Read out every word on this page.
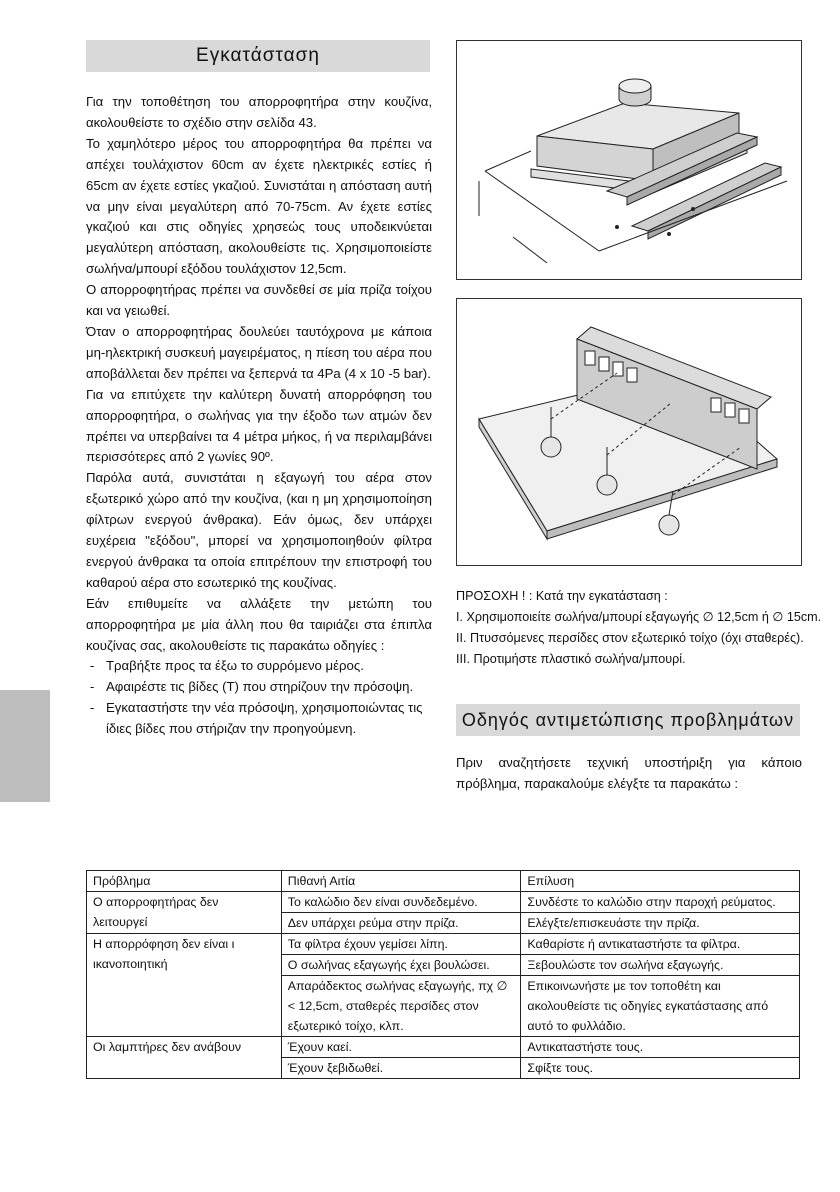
Εγκατάσταση

Για την τοποθέτηση του απορροφητήρα στην κουζίνα, ακολουθείστε το σχέδιο στην σελίδα 43.

Το χαμηλότερο μέρος του απορροφητήρα θα πρέπει να απέχει τουλάχιστον 60cm αν έχετε ηλεκτρικές εστίες ή 65cm αν έχετε εστίες γκαζιού. Συνιστάται η απόσταση αυτή να μην είναι μεγαλύτερη από 70-75cm. Αν έχετε εστίες γκαζιού και στις οδηγίες χρησεώς τους υποδεικνύεται μεγαλύτερη απόσταση, ακολουθείστε τις. Χρησιμοποιείστε σωλήνα/μπουρί εξόδου τουλάχιστον 12,5cm.

Ο απορροφητήρας πρέπει να συνδεθεί σε μία πρίζα τοίχου και να γειωθεί.

Όταν ο απορροφητήρας δουλεύει ταυτόχρονα με κάποια μη-ηλεκτρική συσκευή μαγειρέματος, η πίεση του αέρα που αποβάλλεται δεν πρέπει να ξεπερνά τα 4Pa (4 x 10 -5 bar).

Για να επιτύχετε την καλύτερη δυνατή απορρόφηση του απορροφητήρα, ο σωλήνας για την έξοδο των ατμών δεν πρέπει να υπερβαίνει τα 4 μέτρα μήκος, ή να περιλαμβάνει περισσότερες από 2 γωνίες 90º.

Παρόλα αυτά, συνιστάται η εξαγωγή του αέρα στον εξωτερικό χώρο από την κουζίνα, (και η μη χρησιμοποίηση φίλτρων ενεργού άνθρακα). Εάν όμως, δεν υπάρχει ευχέρεια "εξόδου", μπορεί να χρησιμοποιηθούν φίλτρα ενεργού άνθρακα τα οποία επιτρέπουν την επιστροφή του καθαρού αέρα στο εσωτερικό της κουζίνας.

Εάν επιθυμείτε να αλλάξετε την μετώπη του απορροφητήρα με μία άλλη που θα ταιριάζει στα έπιπλα κουζίνας σας, ακολουθείστε τις παρακάτω οδηγίες :

- Τραβήξτε προς τα έξω το συρρόμενο μέρος.
- Αφαιρέστε τις βίδες (T) που στηρίζουν την πρόσοψη.
- Εγκαταστήστε την νέα πρόσοψη, χρησιμοποιώντας τις ίδιες βίδες που στήριζαν την προηγούμενη.
ΠΡΟΣΟΧΗ ! : Κατά την εγκατάσταση :
I. Χρησιμοποιείτε σωλήνα/μπουρί εξαγωγής ∅ 12,5cm ή ∅ 15cm.
II. Πτυσσόμενες περσίδες στον εξωτερικό τοίχο (όχι σταθερές).
III. Προτιμήστε πλαστικό σωλήνα/μπουρί.
Οδηγός αντιμετώπισης προβλημάτων
Πριν αναζητήσετε τεχνική υποστήριξη για κάποιο πρόβλημα, παρακαλούμε ελέγξτε τα παρακάτω :
Πρόβλημα	Πιθανή Αιτία	Επίλυση
Ο απορροφητήρας δεν λειτουργεί	Το καλώδιο δεν είναι συνδεδεμένο.	Συνδέστε το καλώδιο στην παροχή ρεύματος.
	Δεν υπάρχει ρεύμα στην πρίζα.	Ελέγξτε/επισκευάστε την πρίζα.
Η απορρόφηση δεν είναι ι ικανοποιητική	Τα φίλτρα έχουν γεμίσει λίπη.	Καθαρίστε ή αντικαταστήστε τα φίλτρα.
	Ο σωλήνας εξαγωγής έχει βουλώσει.	Ξεβουλώστε τον σωλήνα εξαγωγής.
	Απαράδεκτος σωλήνας εξαγωγής, πχ ∅ < 12,5cm, σταθερές περσίδες στον εξωτερικό τοίχο, κλπ.	Επικοινωνήστε με τον τοποθέτη και ακολουθείστε τις οδηγίες εγκατάστασης από αυτό το φυλλάδιο.
Οι λαμπτήρες δεν ανάβουν	Έχουν καεί.	Αντικαταστήστε τους.
	Έχουν ξεβιδωθεί.	Σφίξτε τους.
